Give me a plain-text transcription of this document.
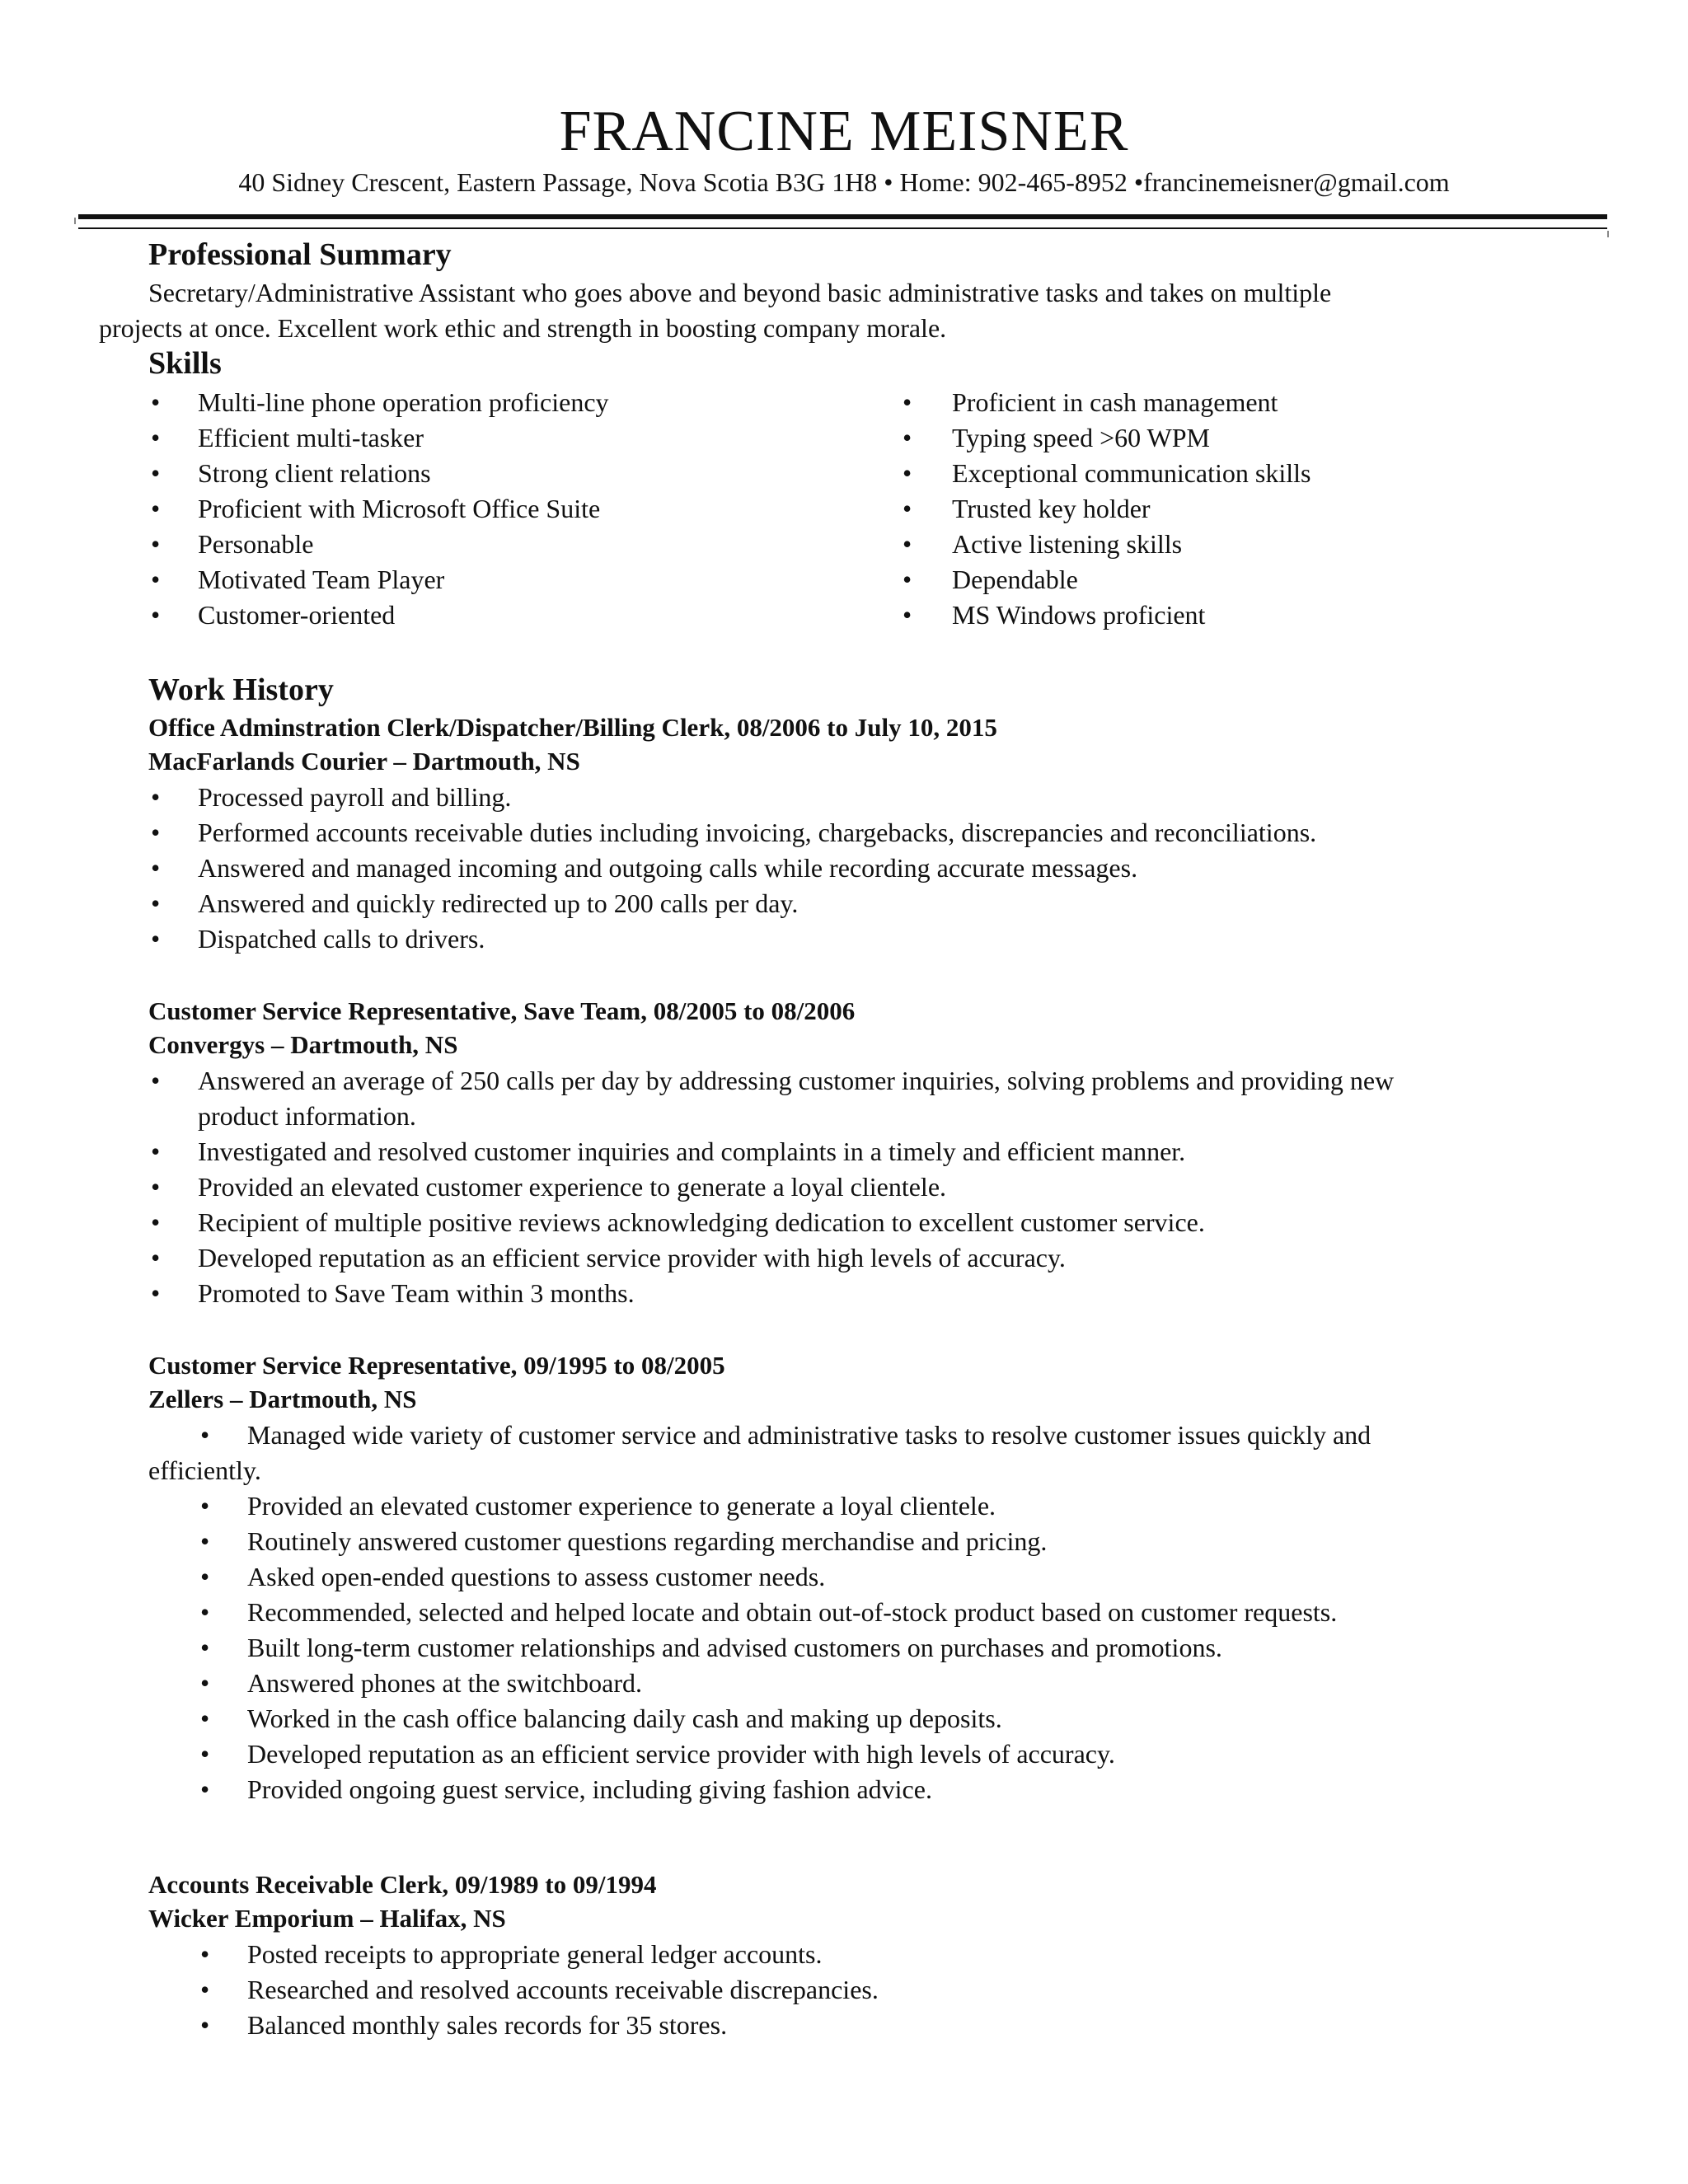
FRANCINE MEISNER
40 Sidney Crescent, Eastern Passage, Nova Scotia B3G 1H8 • Home: 902-465-8952 •francinemeisner@gmail.com
Professional Summary
Secretary/Administrative Assistant who goes above and beyond basic administrative tasks and takes on multiple
projects at once. Excellent work ethic and strength in boosting company morale.
Skills
• Multi-line phone operation proficiency
• Efficient multi-tasker
• Strong client relations
• Proficient with Microsoft Office Suite
• Personable
• Motivated Team Player
• Customer-oriented
• Proficient in cash management
• Typing speed >60 WPM
• Exceptional communication skills
• Trusted key holder
• Active listening skills
• Dependable
• MS Windows proficient
Work History
Office Adminstration Clerk/Dispatcher/Billing Clerk, 08/2006 to July 10, 2015
MacFarlands Courier – Dartmouth, NS
• Processed payroll and billing.
• Performed accounts receivable duties including invoicing, chargebacks, discrepancies and reconciliations.
• Answered and managed incoming and outgoing calls while recording accurate messages.
• Answered and quickly redirected up to 200 calls per day.
• Dispatched calls to drivers.
Customer Service Representative, Save Team, 08/2005 to 08/2006
Convergys – Dartmouth, NS
• Answered an average of 250 calls per day by addressing customer inquiries, solving problems and providing new
product information.
• Investigated and resolved customer inquiries and complaints in a timely and efficient manner.
• Provided an elevated customer experience to generate a loyal clientele.
• Recipient of multiple positive reviews acknowledging dedication to excellent customer service.
• Developed reputation as an efficient service provider with high levels of accuracy.
• Promoted to Save Team within 3 months.
Customer Service Representative, 09/1995 to 08/2005
Zellers – Dartmouth, NS
• Managed wide variety of customer service and administrative tasks to resolve customer issues quickly and
efficiently.
• Provided an elevated customer experience to generate a loyal clientele.
• Routinely answered customer questions regarding merchandise and pricing.
• Asked open-ended questions to assess customer needs.
• Recommended, selected and helped locate and obtain out-of-stock product based on customer requests.
• Built long-term customer relationships and advised customers on purchases and promotions.
• Answered phones at the switchboard.
• Worked in the cash office balancing daily cash and making up deposits.
• Developed reputation as an efficient service provider with high levels of accuracy.
• Provided ongoing guest service, including giving fashion advice.
Accounts Receivable Clerk, 09/1989 to 09/1994
Wicker Emporium – Halifax, NS
• Posted receipts to appropriate general ledger accounts.
• Researched and resolved accounts receivable discrepancies.
• Balanced monthly sales records for 35 stores.
